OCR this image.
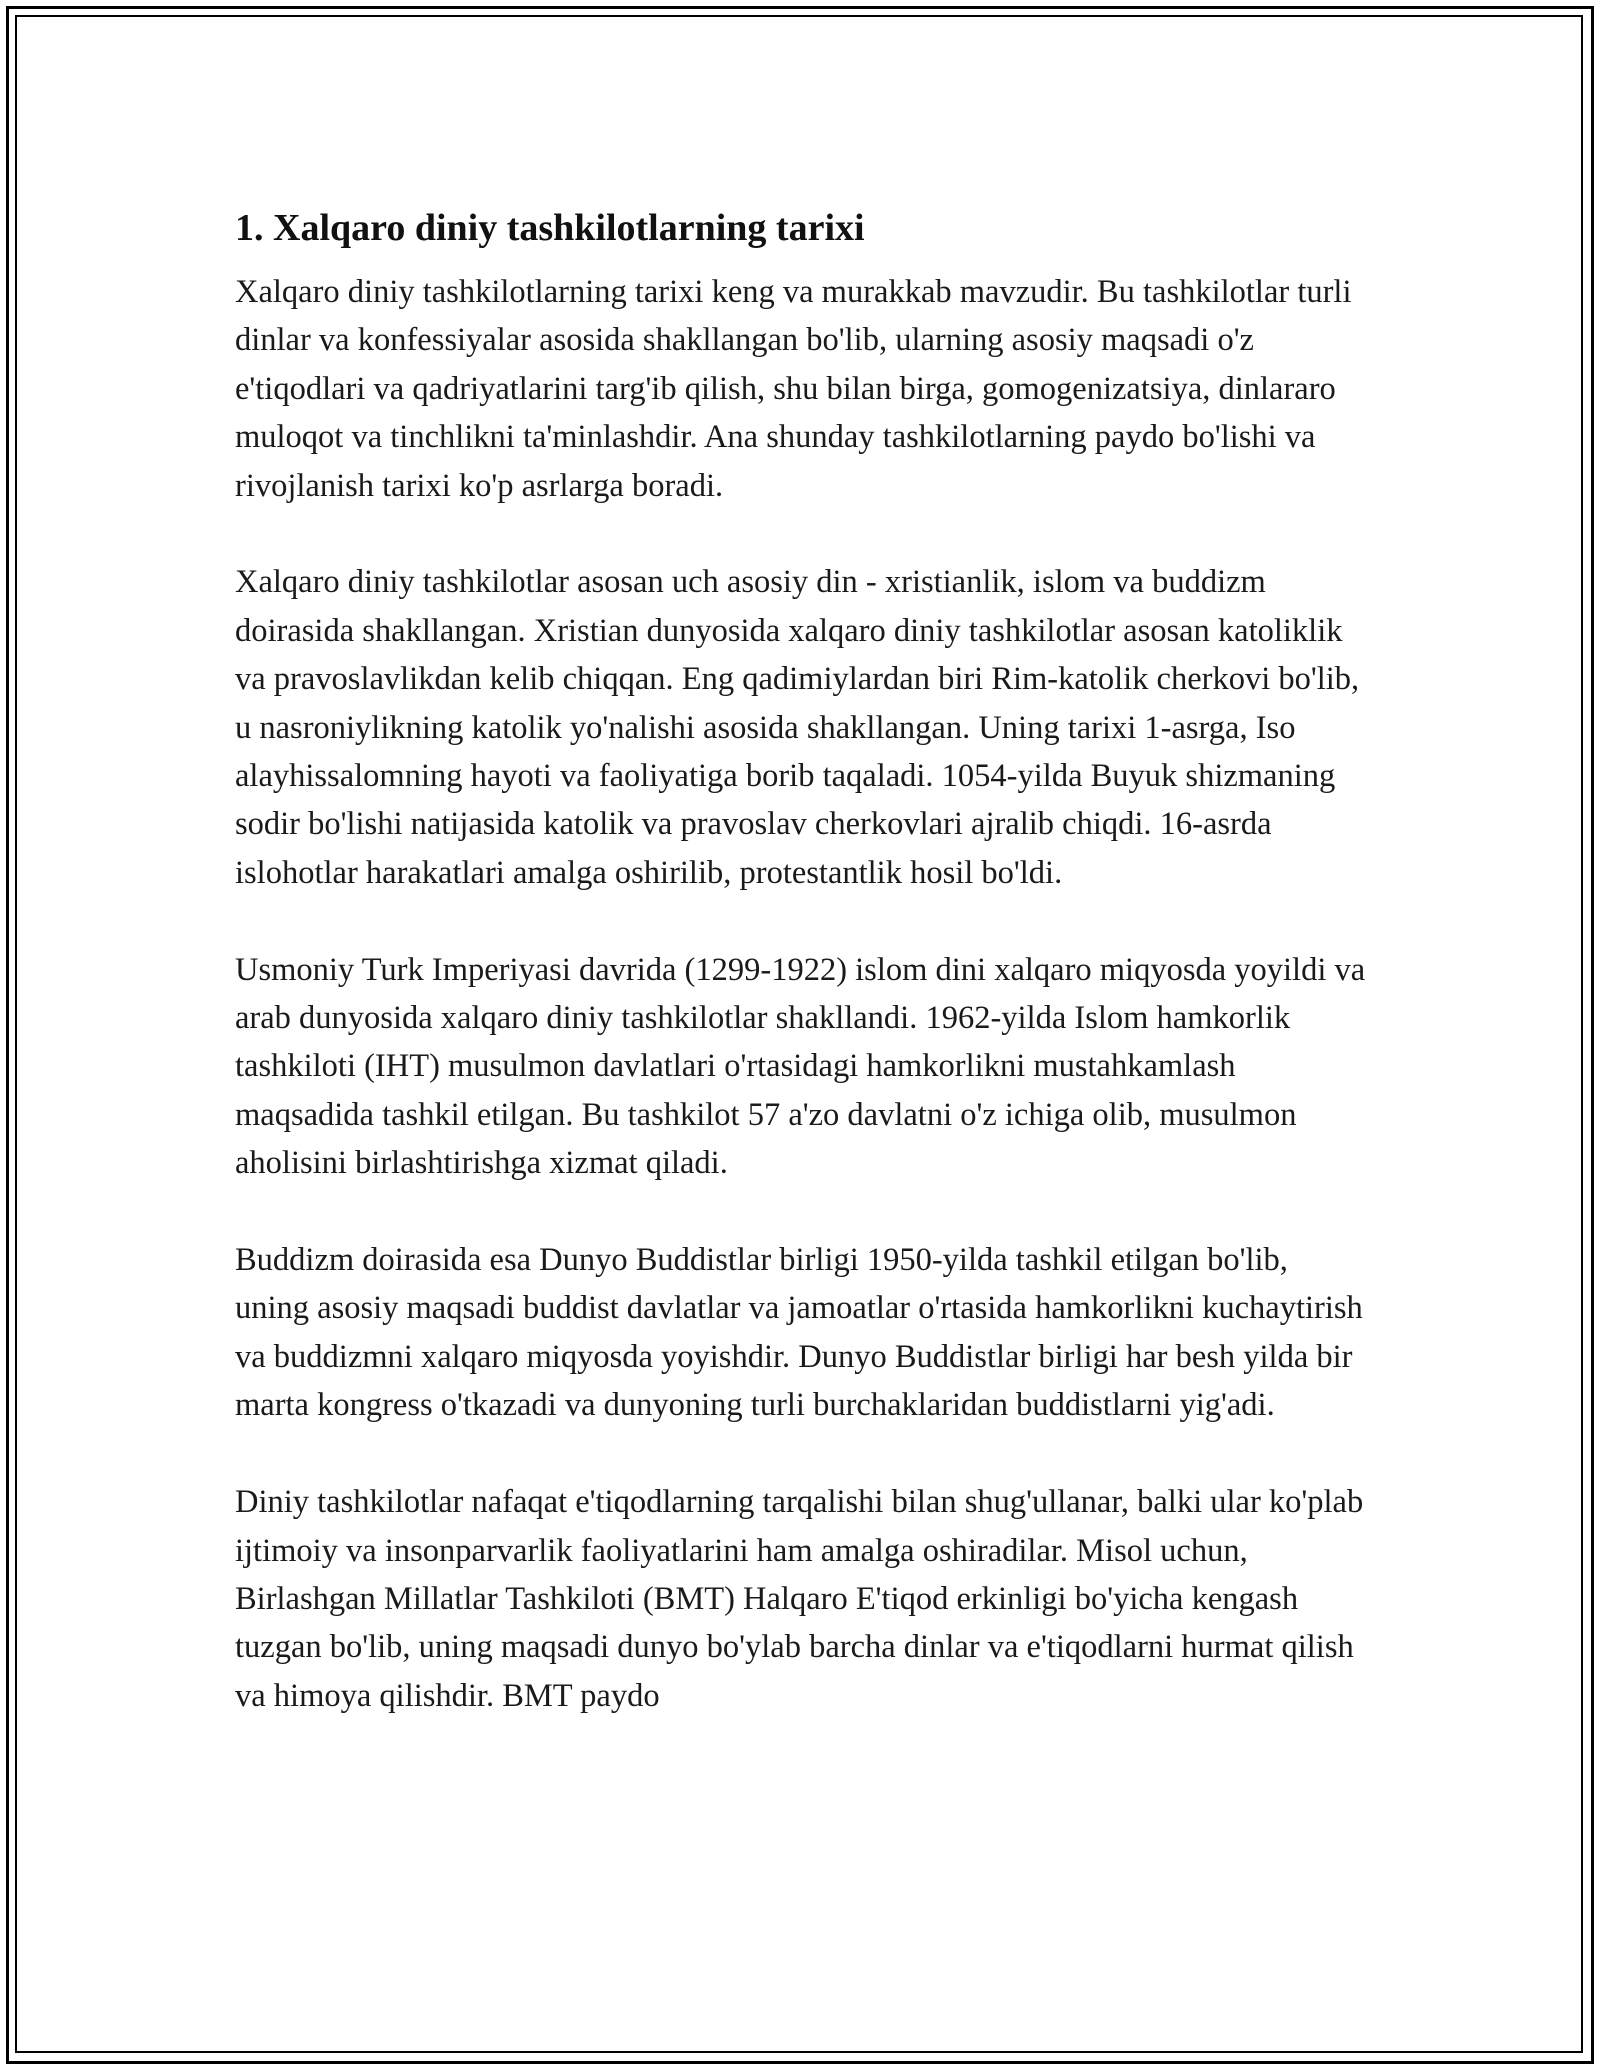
1. Xalqaro diniy tashkilotlarning tarixi

Xalqaro diniy tashkilotlarning tarixi keng va murakkab mavzudir. Bu tashkilotlar turli dinlar va konfessiyalar asosida shakllangan bo'lib, ularning asosiy maqsadi o'z e'tiqodlari va qadriyatlarini targ'ib qilish, shu bilan birga, gomogenizatsiya, dinlararo muloqot va tinchlikni ta'minlashdir. Ana shunday tashkilotlarning paydo bo'lishi va rivojlanish tarixi ko'p asrlarga boradi.

Xalqaro diniy tashkilotlar asosan uch asosiy din - xristianlik, islom va buddizm doirasida shakllangan. Xristian dunyosida xalqaro diniy tashkilotlar asosan katoliklik va pravoslavlikdan kelib chiqqan. Eng qadimiylardan biri Rim-katolik cherkovi bo'lib, u nasroniylikning katolik yo'nalishi asosida shakllangan. Uning tarixi 1-asrga, Iso alayhissalomning hayoti va faoliyatiga borib taqaladi. 1054-yilda Buyuk shizmaning sodir bo'lishi natijasida katolik va pravoslav cherkovlari ajralib chiqdi. 16-asrda islohotlar harakatlari amalga oshirilib, protestantlik hosil bo'ldi.

Usmoniy Turk Imperiyasi davrida (1299-1922) islom dini xalqaro miqyosda yoyildi va arab dunyosida xalqaro diniy tashkilotlar shakllandi. 1962-yilda Islom hamkorlik tashkiloti (IHT) musulmon davlatlari o'rtasidagi hamkorlikni mustahkamlash maqsadida tashkil etilgan. Bu tashkilot 57 a'zo davlatni o'z ichiga olib, musulmon aholisini birlashtirishga xizmat qiladi.

Buddizm doirasida esa Dunyo Buddistlar birligi 1950-yilda tashkil etilgan bo'lib, uning asosiy maqsadi buddist davlatlar va jamoatlar o'rtasida hamkorlikni kuchaytirish va buddizmni xalqaro miqyosda yoyishdir. Dunyo Buddistlar birligi har besh yilda bir marta kongress o'tkazadi va dunyoning turli burchaklaridan buddistlarni yig'adi.

Diniy tashkilotlar nafaqat e'tiqodlarning tarqalishi bilan shug'ullanar, balki ular ko'plab ijtimoiy va insonparvarlik faoliyatlarini ham amalga oshiradilar. Misol uchun, Birlashgan Millatlar Tashkiloti (BMT) Halqaro E'tiqod erkinligi bo'yicha kengash tuzgan bo'lib, uning maqsadi dunyo bo'ylab barcha dinlar va e'tiqodlarni hurmat qilish va himoya qilishdir. BMT paydo
